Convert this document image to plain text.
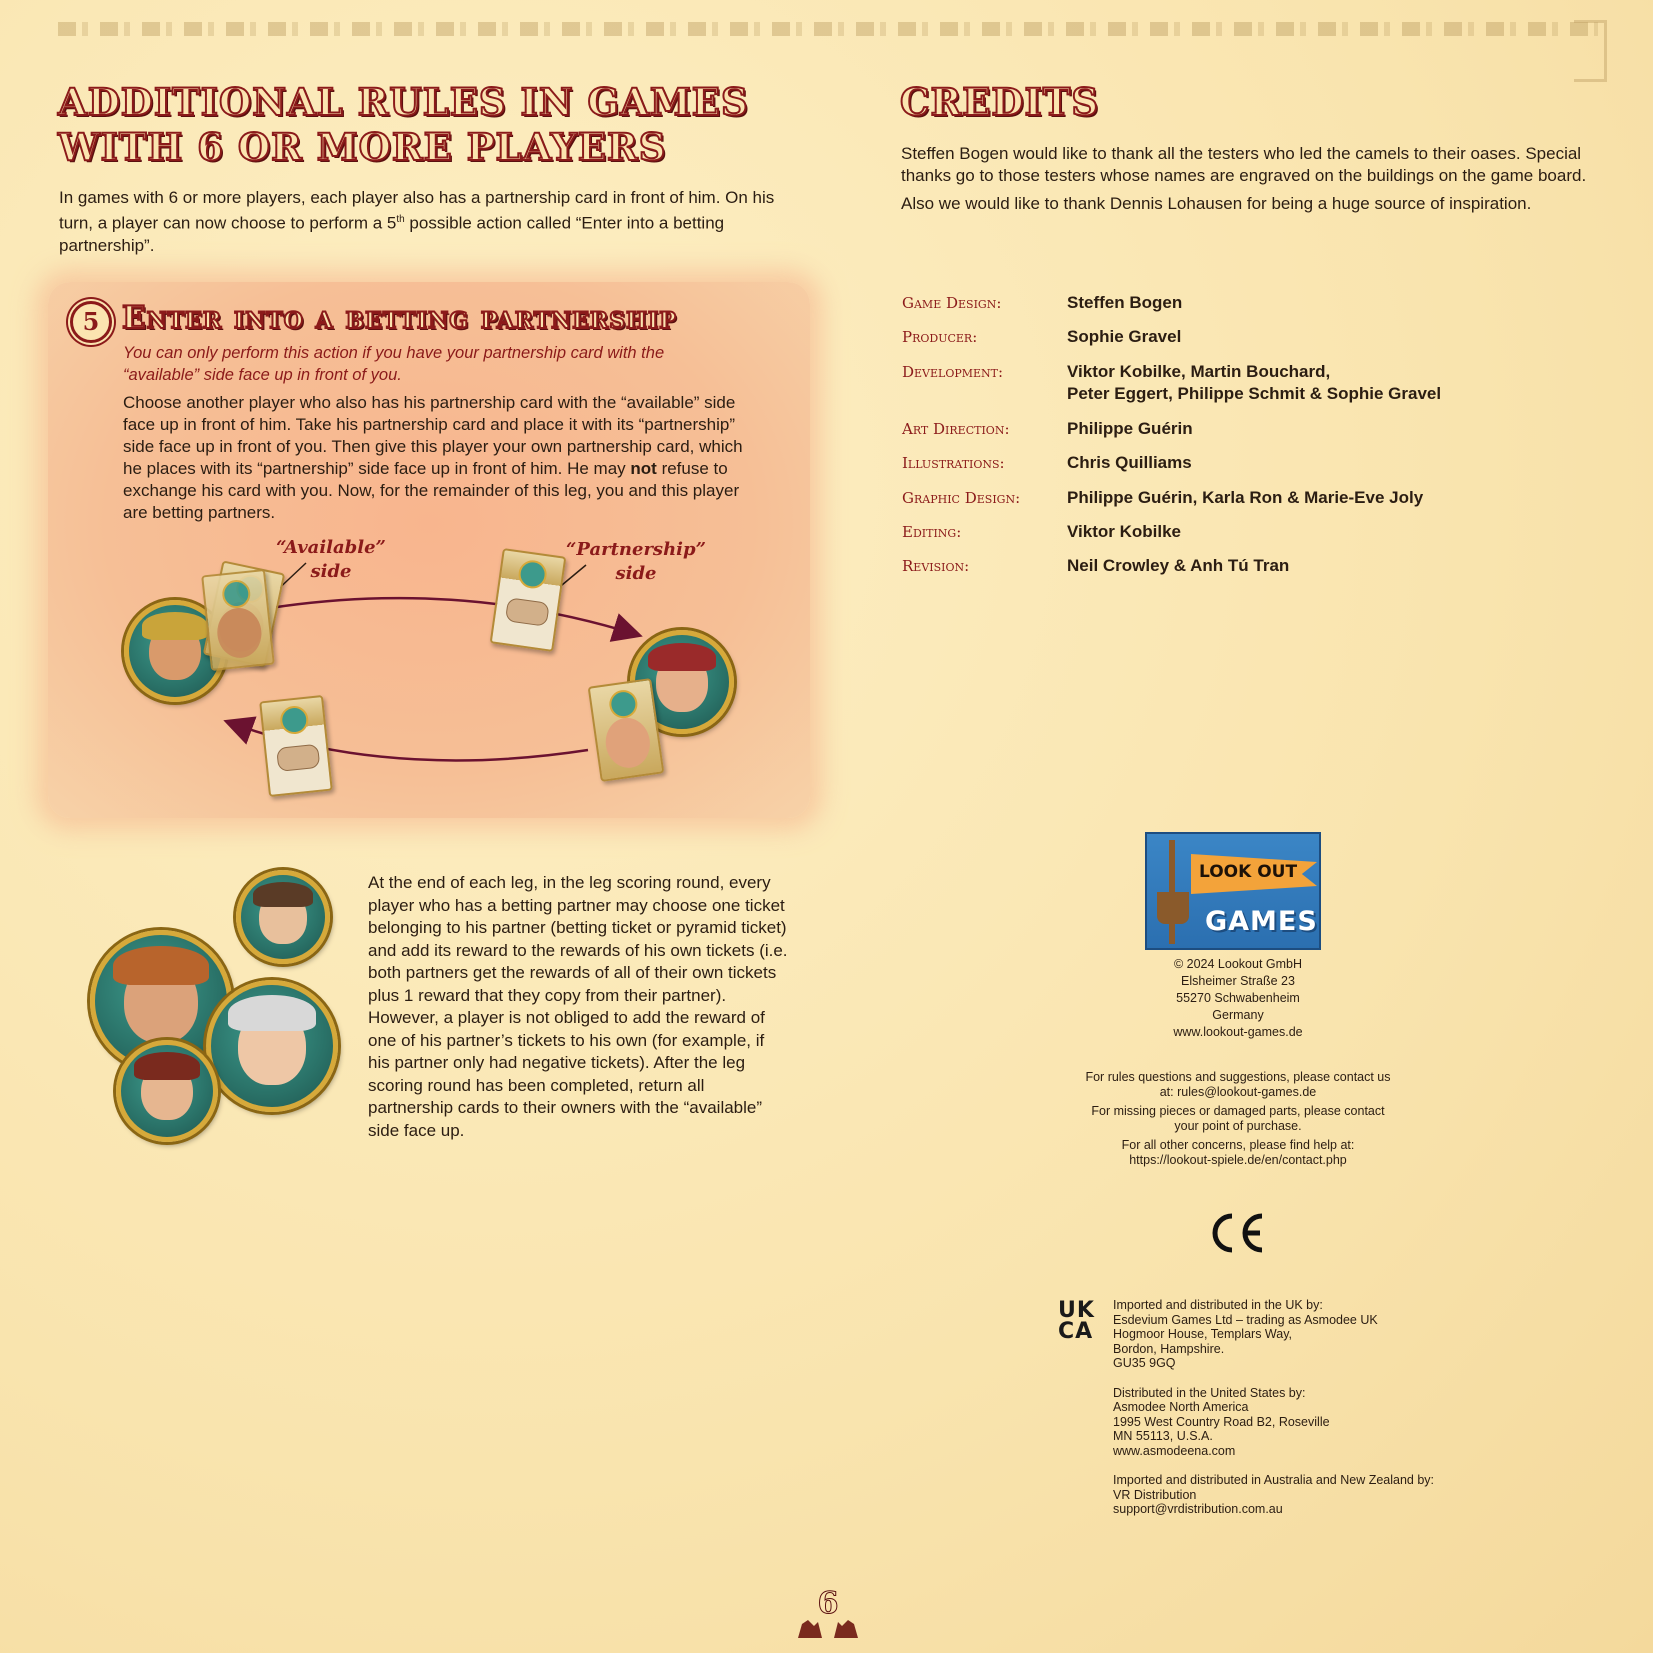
ADDITIONAL RULES IN GAMES WITH 6 OR MORE PLAYERS

In games with 6 or more players, each player also has a partnership card in front of him. On his turn, a player can now choose to perform a 5th possible action called “Enter into a betting partnership”.

5 Enter into a betting partnership

You can only perform this action if you have your partnership card with the “available” side face up in front of you.

Choose another player who also has his partnership card with the “available” side face up in front of him. Take his partnership card and place it with its “partnership” side face up in front of you. Then give this player your own partnership card, which he places with its “partnership” side face up in front of him. He may not refuse to exchange his card with you. Now, for the remainder of this leg, you and this player are betting partners.

“Available” side
“Partnership” side

At the end of each leg, in the leg scoring round, every player who has a betting partner may choose one ticket belonging to his partner (betting ticket or pyramid ticket) and add its reward to the rewards of his own tickets (i.e. both partners get the rewards of all of their own tickets plus 1 reward that they copy from their partner). However, a player is not obliged to add the reward of one of his partner’s tickets to his own (for example, if his partner only had negative tickets). After the leg scoring round has been completed, return all partnership cards to their owners with the “available” side face up.

CREDITS

Steffen Bogen would like to thank all the testers who led the camels to their oases. Special thanks go to those testers whose names are engraved on the buildings on the game board.

Also we would like to thank Dennis Lohausen for being a huge source of inspiration.

Game Design:	Steffen Bogen
Producer:	Sophie Gravel
Development:	Viktor Kobilke, Martin Bouchard,
Peter Eggert, Philippe Schmit & Sophie Gravel
Art Direction:	Philippe Guérin
Illustrations:	Chris Quilliams
Graphic Design:	Philippe Guérin, Karla Ron & Marie-Eve Joly
Editing:	Viktor Kobilke
Revision:	Neil Crowley & Anh Tú Tran
LOOK OUT
GAMES

© 2024 Lookout GmbH
Elsheimer Straße 23
55270 Schwabenheim
Germany
www.lookout-games.de

For rules questions and suggestions, please contact us at: rules@lookout-games.de

For missing pieces or damaged parts, please contact your point of purchase.

For all other concerns, please find help at: https://lookout-spiele.de/en/contact.php

UK
CA

Imported and distributed in the UK by:
Esdevium Games Ltd – trading as Asmodee UK
Hogmoor House, Templars Way,
Bordon, Hampshire.
GU35 9GQ

Distributed in the United States by:
Asmodee North America
1995 West Country Road B2, Roseville
MN 55113, U.S.A.
www.asmodeena.com

Imported and distributed in Australia and New Zealand by:
VR Distribution
support@vrdistribution.com.au

6
